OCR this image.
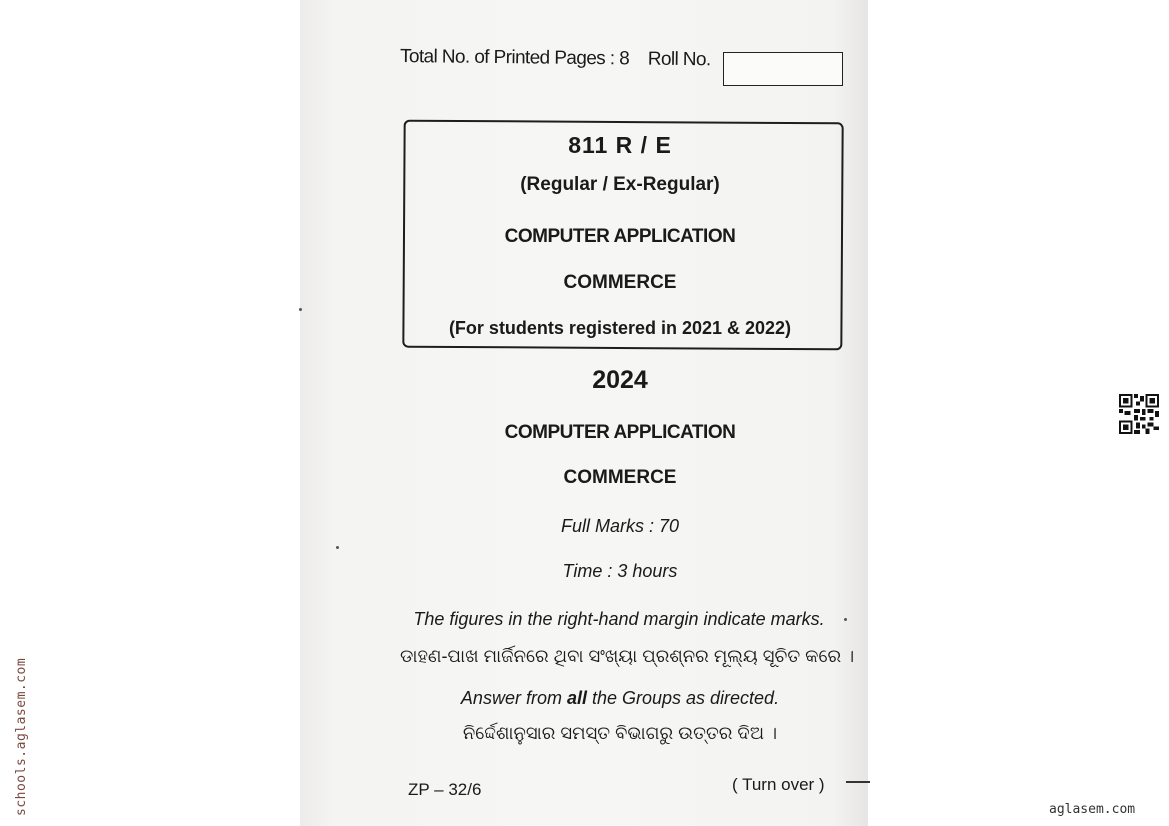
Total No. of Printed Pages : 8 Roll No.
811 R / E
(Regular / Ex-Regular)
COMPUTER APPLICATION
COMMERCE
(For students registered in 2021 & 2022)
2024
COMPUTER APPLICATION
COMMERCE
Full Marks : 70
Time : 3 hours
The figures in the right-hand margin indicate marks.
ଡାହଣ-ପାଖ ମାର୍ଜିନରେ ଥିବା ସଂଖ୍ୟା ପ୍ରଶ୍ନର ମୂଲ୍ୟ ସୂଚିତ କରେ ।
Answer from all the Groups as directed.
ନିର୍ଦ୍ଦେଶାନୁସାର ସମସ୍ତ ବିଭାଗରୁ ଉତ୍ତର ଦିଅ ।
ZP – 32/6	( Turn over )
schools.aglasem.com	aglasem.com
